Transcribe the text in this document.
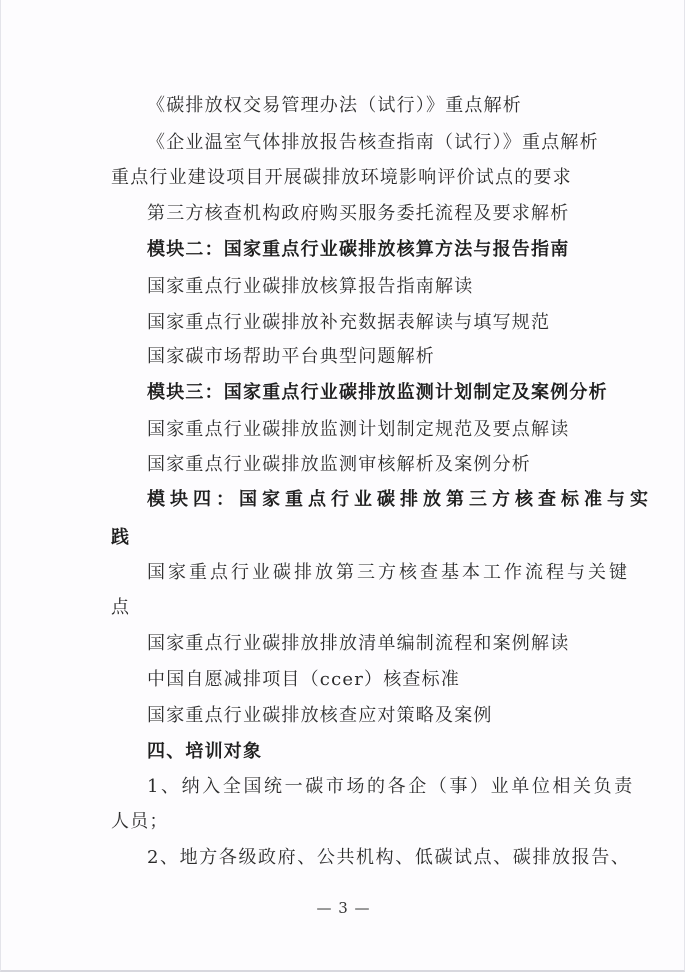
《碳排放权交易管理办法（试行）》重点解析
《企业温室气体排放报告核查指南（试行）》重点解析
重点行业建设项目开展碳排放环境影响评价试点的要求
第三方核查机构政府购买服务委托流程及要求解析
模块二：国家重点行业碳排放核算方法与报告指南
国家重点行业碳排放核算报告指南解读
国家重点行业碳排放补充数据表解读与填写规范
国家碳市场帮助平台典型问题解析
模块三：国家重点行业碳排放监测计划制定及案例分析
国家重点行业碳排放监测计划制定规范及要点解读
国家重点行业碳排放监测审核解析及案例分析
模块四：国家重点行业碳排放第三方核查标准与实
践
国家重点行业碳排放第三方核查基本工作流程与关键
点
国家重点行业碳排放排放清单编制流程和案例解读
中国自愿减排项目（ccer）核查标准
国家重点行业碳排放核查应对策略及案例
四、培训对象
1、纳入全国统一碳市场的各企（事）业单位相关负责
人员；
2、地方各级政府、公共机构、低碳试点、碳排放报告、
— 3 —
